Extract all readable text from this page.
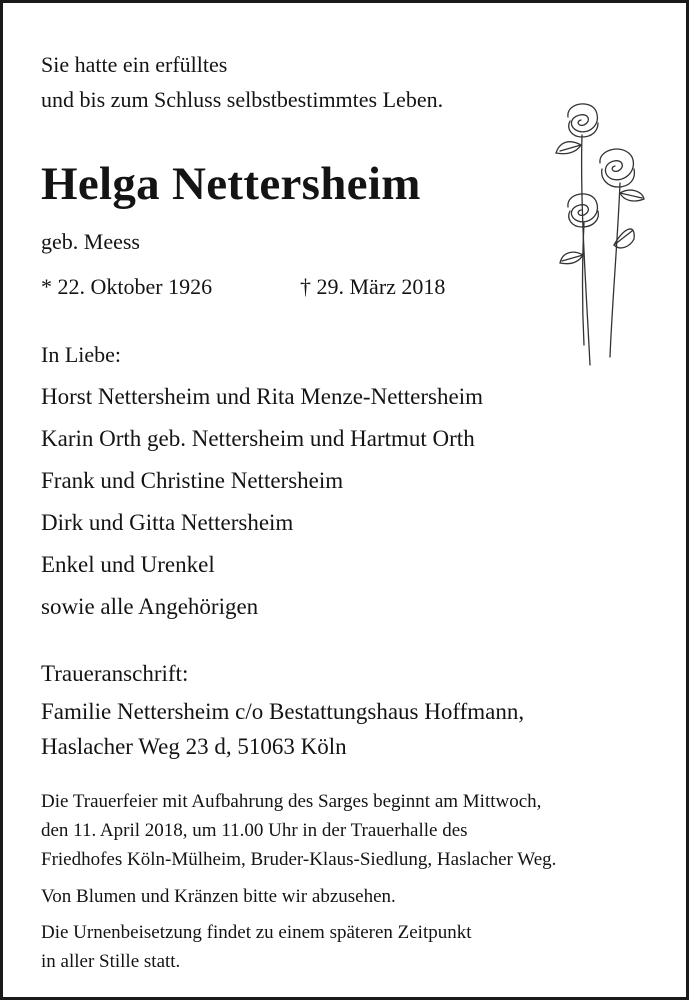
Sie hatte ein erfülltes
und bis zum Schluss selbstbestimmtes Leben.
Helga Nettersheim
geb. Meess
* 22. Oktober 1926	† 29. März 2018
In Liebe:
Horst Nettersheim und Rita Menze-Nettersheim
Karin Orth geb. Nettersheim und Hartmut Orth
Frank und Christine Nettersheim
Dirk und Gitta Nettersheim
Enkel und Urenkel
sowie alle Angehörigen
Traueranschrift:
Familie Nettersheim c/o Bestattungshaus Hoffmann,
Haslacher Weg 23 d, 51063 Köln
Die Trauerfeier mit Aufbahrung des Sarges beginnt am Mittwoch,
den 11. April 2018, um 11.00 Uhr in der Trauerhalle des
Friedhofes Köln-Mülheim, Bruder-Klaus-Siedlung, Haslacher Weg.
Von Blumen und Kränzen bitte wir abzusehen.
Die Urnenbeisetzung findet zu einem späteren Zeitpunkt
in aller Stille statt.
